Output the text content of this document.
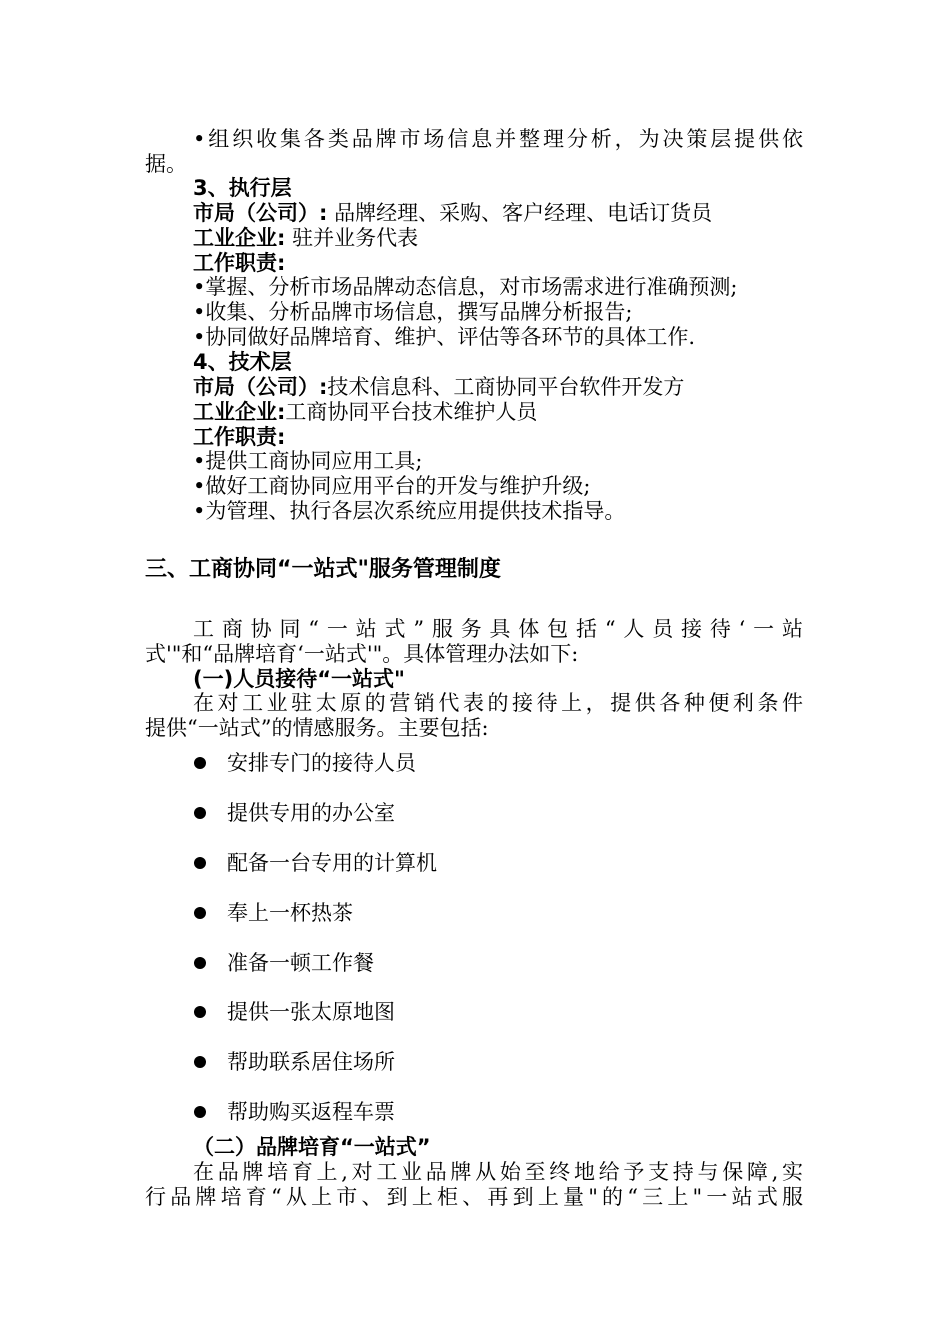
•组织收集各类品牌市场信息并整理分析，为决策层提供依
据。
3、执行层
市局（公司）: 品牌经理、采购、客户经理、电话订货员
工业企业: 驻并业务代表
工作职责:
•掌握、分析市场品牌动态信息，对市场需求进行准确预测;
•收集、分析品牌市场信息，撰写品牌分析报告;
•协同做好品牌培育、维护、评估等各环节的具体工作.
4、技术层
市局（公司）:技术信息科、工商协同平台软件开发方
工业企业:工商协同平台技术维护人员
工作职责:
•提供工商协同应用工具;
•做好工商协同应用平台的开发与维护升级;
•为管理、执行各层次系统应用提供技术指导。
三、工商协同“一站式"服务管理制度
工商协同“一站式”服务具体包括“人员接待‘一站
式'"和“品牌培育‘一站式'"。具体管理办法如下:
(一)人员接待“一站式"
在对工业驻太原的营销代表的接待上，提供各种便利条件
提供“一站式”的情感服务。主要包括:
安排专门的接待人员
提供专用的办公室
配备一台专用的计算机
奉上一杯热茶
准备一顿工作餐
提供一张太原地图
帮助联系居住场所
帮助购买返程车票
（二）品牌培育“一站式”
在品牌培育上,对工业品牌从始至终地给予支持与保障,实
行品牌培育“从上市、到上柜、再到上量"的“三上"一站式服
